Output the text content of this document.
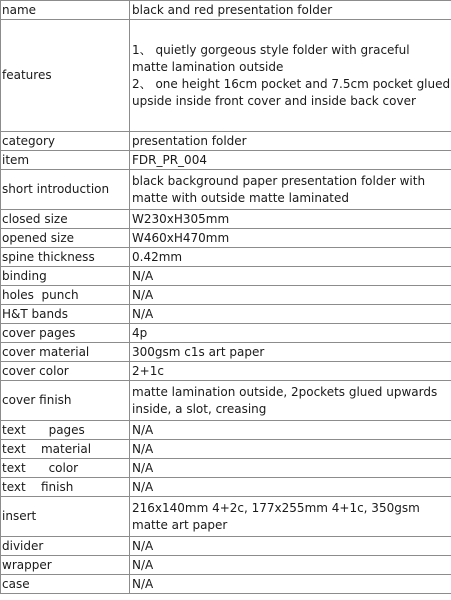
name	black and red presentation folder

features	1、 quietly gorgeous style folder with graceful
matte lamination outside
2、 one height 16cm pocket and 7.5cm pocket glued
upside inside front cover and inside back cover

category	presentation folder

item	FDR_PR_004

short introduction	black background paper presentation folder with
matte with outside matte laminated

closed size	W230xH305mm

opened size	W460xH470mm

spine thickness	0.42mm

binding	N/A

holes  punch	N/A

H&T bands	N/A

cover pages	4p

cover material	300gsm c1s art paper

cover color	2+1c

cover finish	matte lamination outside, 2pockets glued upwards
inside, a slot, creasing

text      pages	N/A

text    material	N/A

text      color	N/A

text    finish	N/A

insert	216x140mm 4+2c, 177x255mm 4+1c, 350gsm
matte art paper

divider	N/A

wrapper	N/A

case	N/A
